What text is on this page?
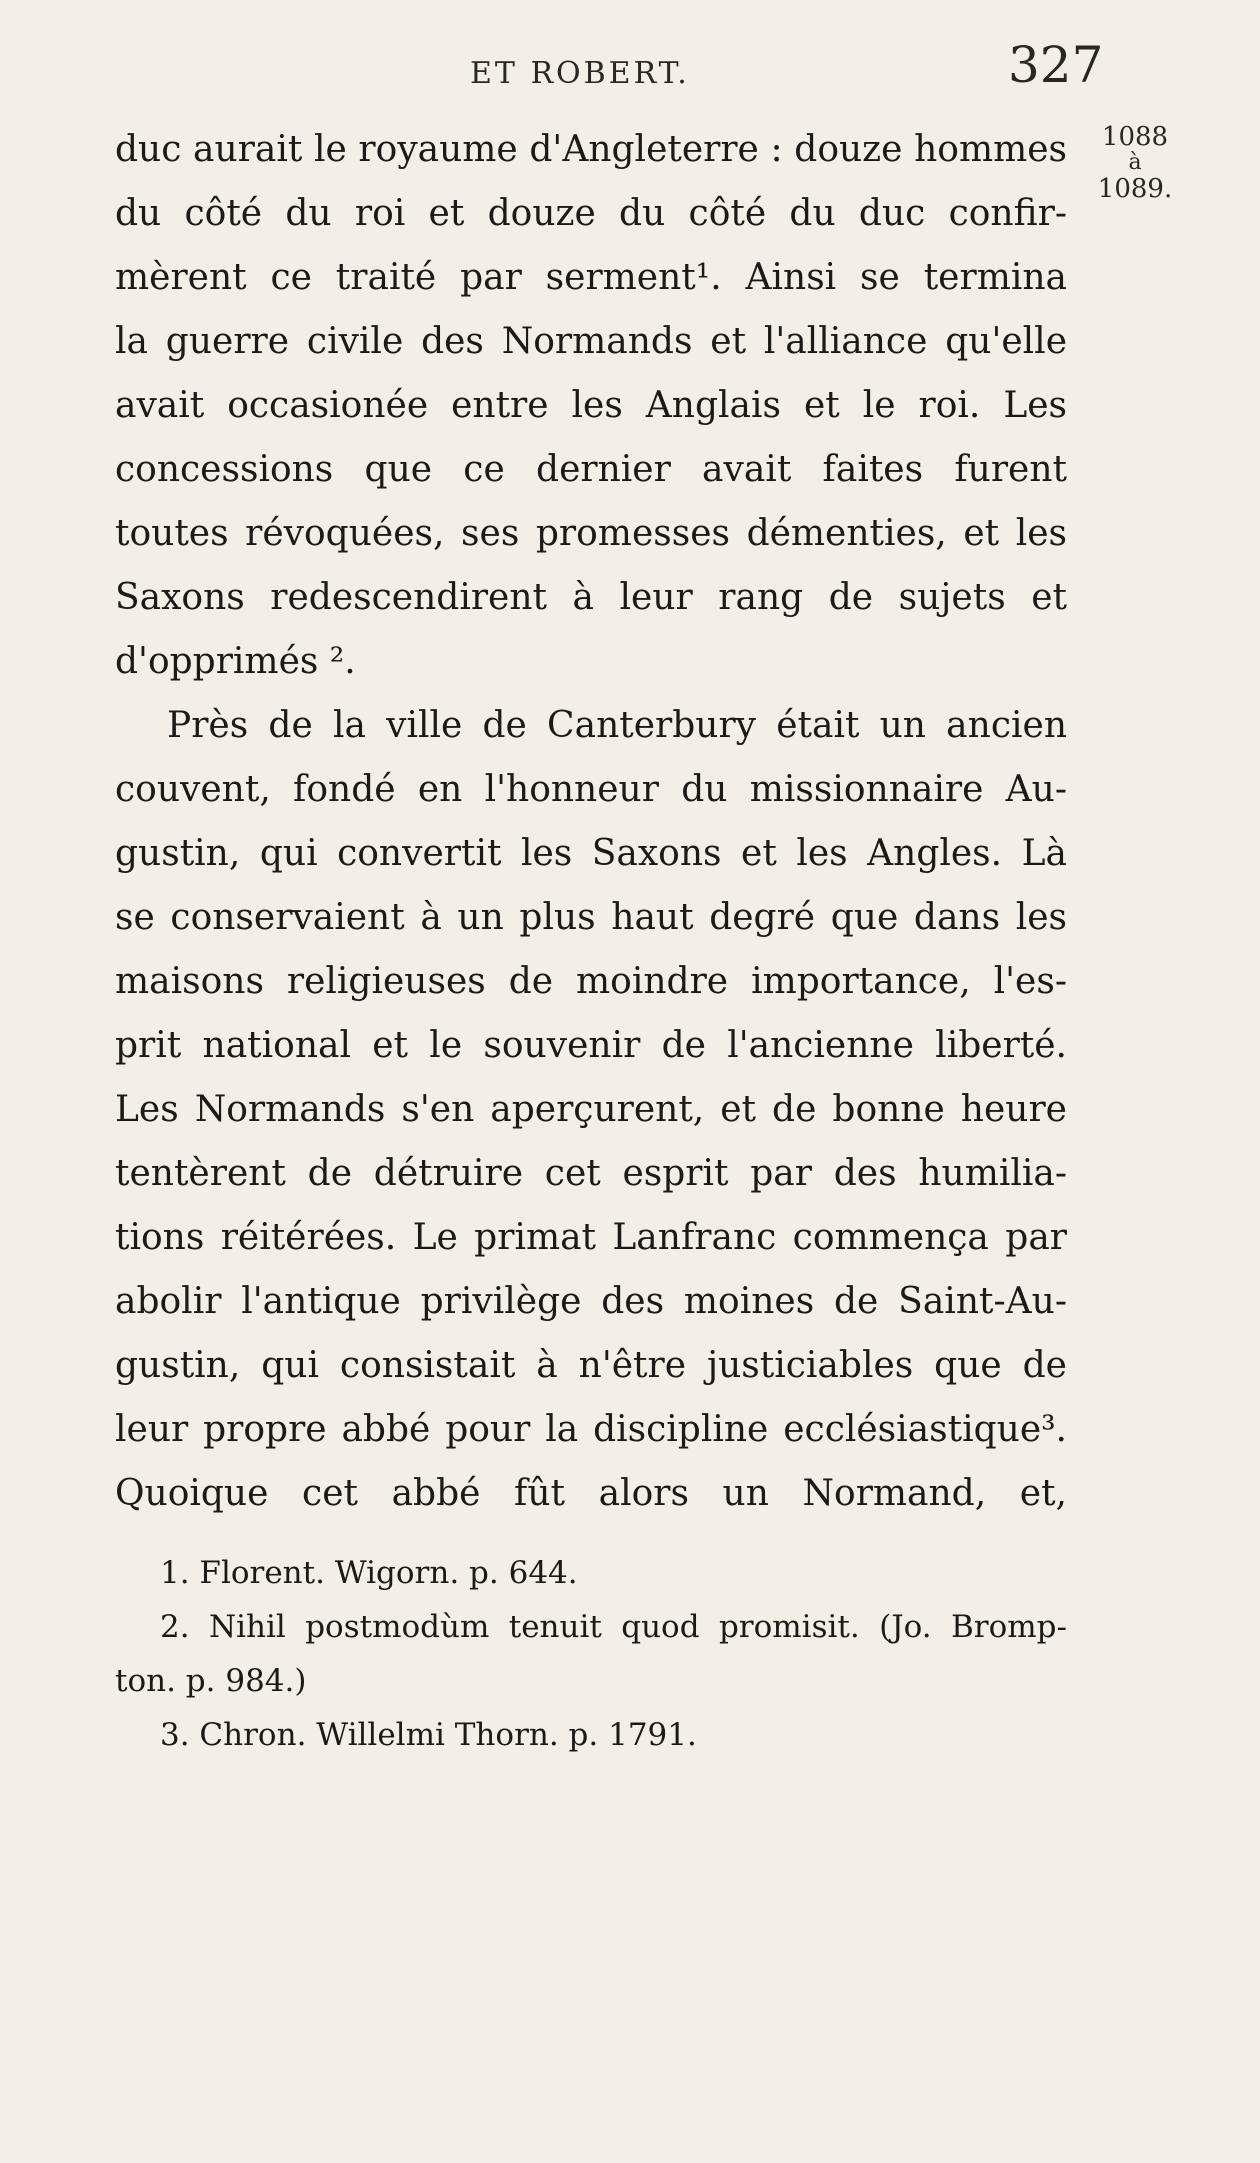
ET ROBERT.	327
1088
à
1089.
duc aurait le royaume d'Angleterre : douze hommes
du côté du roi et douze du côté du duc confir-
mèrent ce traité par serment¹. Ainsi se termina
la guerre civile des Normands et l'alliance qu'elle
avait occasionée entre les Anglais et le roi. Les
concessions que ce dernier avait faites furent
toutes révoquées, ses promesses démenties, et les
Saxons redescendirent à leur rang de sujets et
d'opprimés ².
Près de la ville de Canterbury était un ancien
couvent, fondé en l'honneur du missionnaire Au-
gustin, qui convertit les Saxons et les Angles. Là
se conservaient à un plus haut degré que dans les
maisons religieuses de moindre importance, l'es-
prit national et le souvenir de l'ancienne liberté.
Les Normands s'en aperçurent, et de bonne heure
tentèrent de détruire cet esprit par des humilia-
tions réitérées. Le primat Lanfranc commença par
abolir l'antique privilège des moines de Saint-Au-
gustin, qui consistait à n'être justiciables que de
leur propre abbé pour la discipline ecclésiastique³.
Quoique cet abbé fût alors un Normand, et,
1. Florent. Wigorn. p. 644.
2. Nihil postmodùm tenuit quod promisit. (Jo. Bromp-
ton. p. 984.)
3. Chron. Willelmi Thorn. p. 1791.
